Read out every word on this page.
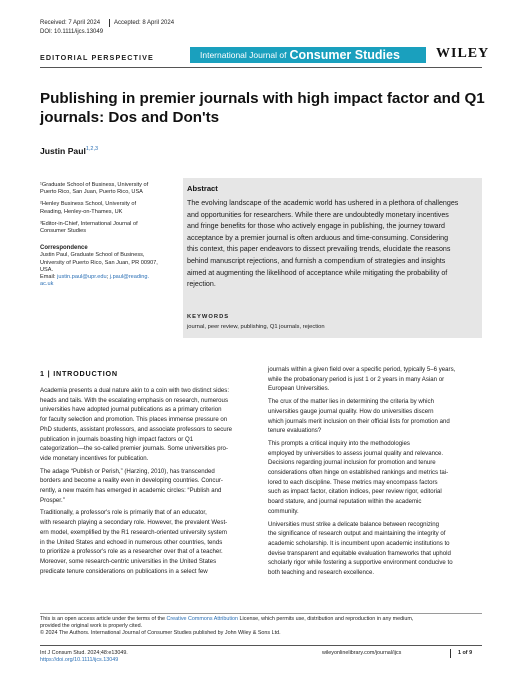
Received: 7 April 2024 Accepted: 8 April 2024
DOI: 10.1111/ijcs.13049
EDITORIAL PERSPECTIVE	International Journal of Consumer Studies	WILEY
Publishing in premier journals with high impact factor and Q1
journals: Dos and Don'ts
Justin Paul$^{1,2,3}$
¹Graduate School of Business, University of
Puerto Rico, San Juan, Puerto Rico, USA
²Henley Business School, University of
Reading, Henley-on-Thames, UK
³Editor-in-Chief, International Journal of
Consumer Studies
Correspondence
Justin Paul, Graduate School of Business,
University of Puerto Rico, San Juan, PR 00907,
USA.
Email: justin.paul@upr.edu; j.paul@reading.
ac.uk
Abstract
The evolving landscape of the academic world has ushered in a plethora of challenges
and opportunities for researchers. While there are undoubtedly monetary incentives
and fringe benefits for those who actively engage in publishing, the journey toward
acceptance by a premier journal is often arduous and time-consuming. Considering
this context, this paper endeavors to dissect prevailing trends, elucidate the reasons
behind manuscript rejections, and furnish a compendium of strategies and insights
aimed at augmenting the likelihood of acceptance while mitigating the probability of
rejection.
KEYWORDS
journal, peer review, publishing, Q1 journals, rejection
1 | INTRODUCTION
Academia presents a dual nature akin to a coin with two distinct sides:
heads and tails. With the escalating emphasis on research, numerous
universities have adopted journal publications as a primary criterion
for faculty selection and promotion. This places immense pressure on
PhD students, assistant professors, and associate professors to secure
publication in journals boasting high impact factors or Q1
categorization—the so-called premier journals. Some universities pro-
vide monetary incentives for publication.
The adage “Publish or Perish,” (Harzing, 2010), has transcended
borders and become a reality even in developing countries. Concur-
rently, a new maxim has emerged in academic circles: “Publish and
Prosper.”
Traditionally, a professor's role is primarily that of an educator,
with research playing a secondary role. However, the prevalent West-
ern model, exemplified by the R1 research-oriented university system
in the United States and echoed in numerous other countries, tends
to prioritize a professor's role as a researcher over that of a teacher.
Moreover, some research-centric universities in the United States
predicate tenure considerations on publications in a select few
journals within a given field over a specific period, typically 5–6 years,
while the probationary period is just 1 or 2 years in many Asian or
European Universities.
The crux of the matter lies in determining the criteria by which
universities gauge journal quality. How do universities discern
which journals merit inclusion on their official lists for promotion and
tenure evaluations?
This prompts a critical inquiry into the methodologies
employed by universities to assess journal quality and relevance.
Decisions regarding journal inclusion for promotion and tenure
considerations often hinge on established rankings and metrics tai-
lored to each discipline. These metrics may encompass factors
such as impact factor, citation indices, peer review rigor, editorial
board stature, and journal reputation within the academic
community.
Universities must strike a delicate balance between recognizing
the significance of research output and maintaining the integrity of
academic scholarship. It is incumbent upon academic institutions to
devise transparent and equitable evaluation frameworks that uphold
scholarly rigor while fostering a supportive environment conducive to
both teaching and research excellence.
This is an open access article under the terms of the Creative Commons Attribution License, which permits use, distribution and reproduction in any medium,
provided the original work is properly cited.
© 2024 The Authors. International Journal of Consumer Studies published by John Wiley & Sons Ltd.
Int J Consum Stud. 2024;48:e13049.
https://doi.org/10.1111/ijcs.13049
wileyonlinelibrary.com/journal/ijcs	1 of 9
